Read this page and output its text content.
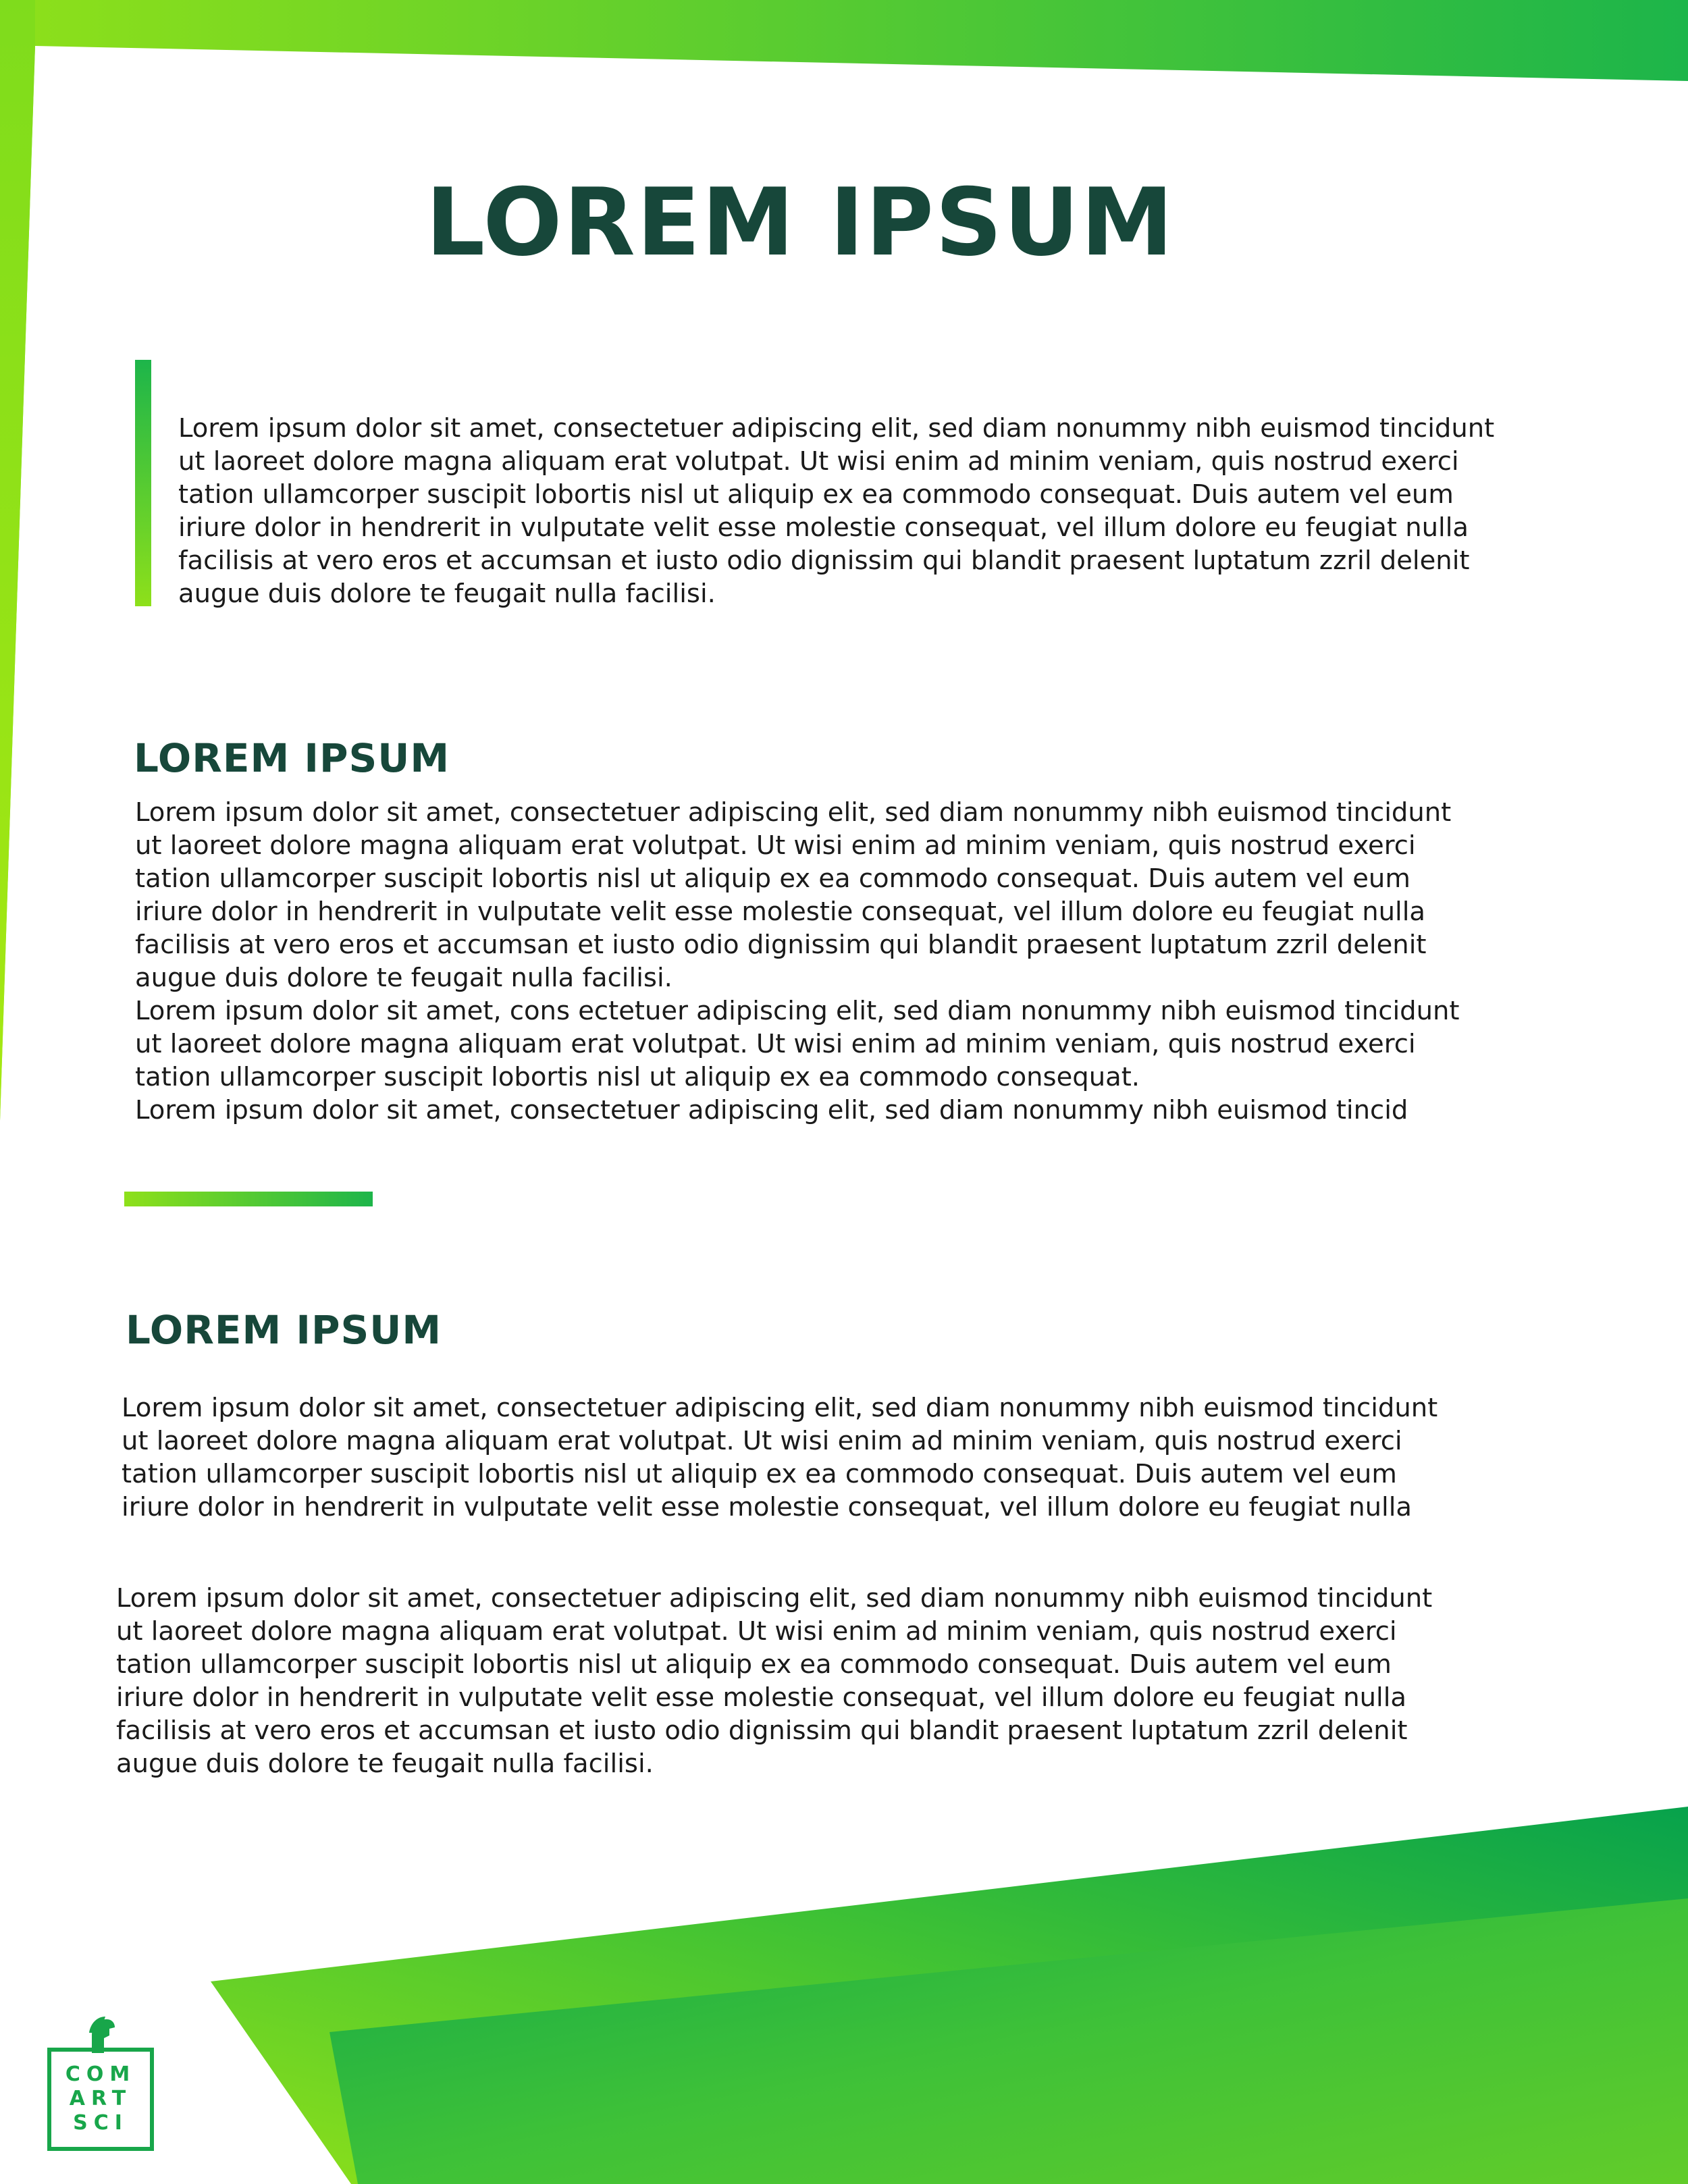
LOREM IPSUM

Lorem ipsum dolor sit amet, consectetuer adipiscing elit, sed diam nonummy nibh euismod tincidunt
ut laoreet dolore magna aliquam erat volutpat. Ut wisi enim ad minim veniam, quis nostrud exerci
tation ullamcorper suscipit lobortis nisl ut aliquip ex ea commodo consequat. Duis autem vel eum
iriure dolor in hendrerit in vulputate velit esse molestie consequat, vel illum dolore eu feugiat nulla
facilisis at vero eros et accumsan et iusto odio dignissim qui blandit praesent luptatum zzril delenit
augue duis dolore te feugait nulla facilisi.

LOREM IPSUM

Lorem ipsum dolor sit amet, consectetuer adipiscing elit, sed diam nonummy nibh euismod tincidunt
ut laoreet dolore magna aliquam erat volutpat. Ut wisi enim ad minim veniam, quis nostrud exerci
tation ullamcorper suscipit lobortis nisl ut aliquip ex ea commodo consequat. Duis autem vel eum
iriure dolor in hendrerit in vulputate velit esse molestie consequat, vel illum dolore eu feugiat nulla
facilisis at vero eros et accumsan et iusto odio dignissim qui blandit praesent luptatum zzril delenit
augue duis dolore te feugait nulla facilisi.
Lorem ipsum dolor sit amet, cons ectetuer adipiscing elit, sed diam nonummy nibh euismod tincidunt
ut laoreet dolore magna aliquam erat volutpat. Ut wisi enim ad minim veniam, quis nostrud exerci
tation ullamcorper suscipit lobortis nisl ut aliquip ex ea commodo consequat.
Lorem ipsum dolor sit amet, consectetuer adipiscing elit, sed diam nonummy nibh euismod tincid

LOREM IPSUM

Lorem ipsum dolor sit amet, consectetuer adipiscing elit, sed diam nonummy nibh euismod tincidunt
ut laoreet dolore magna aliquam erat volutpat. Ut wisi enim ad minim veniam, quis nostrud exerci
tation ullamcorper suscipit lobortis nisl ut aliquip ex ea commodo consequat. Duis autem vel eum
iriure dolor in hendrerit in vulputate velit esse molestie consequat, vel illum dolore eu feugiat nulla

Lorem ipsum dolor sit amet, consectetuer adipiscing elit, sed diam nonummy nibh euismod tincidunt
ut laoreet dolore magna aliquam erat volutpat. Ut wisi enim ad minim veniam, quis nostrud exerci
tation ullamcorper suscipit lobortis nisl ut aliquip ex ea commodo consequat. Duis autem vel eum
iriure dolor in hendrerit in vulputate velit esse molestie consequat, vel illum dolore eu feugiat nulla
facilisis at vero eros et accumsan et iusto odio dignissim qui blandit praesent luptatum zzril delenit
augue duis dolore te feugait nulla facilisi.

COM
ART
SCI
